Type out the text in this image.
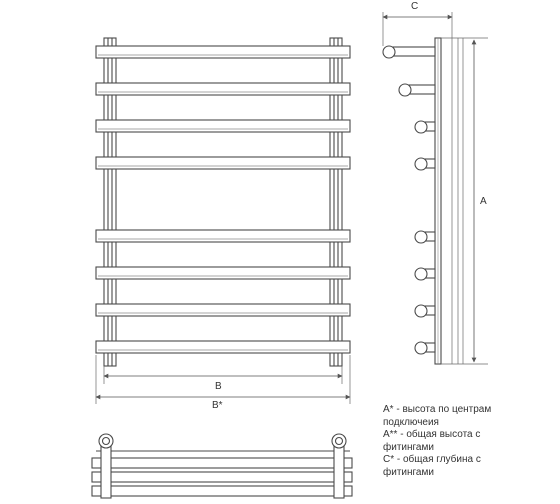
B
B*
C
A
A* - высота по центрам
подключеия
A** - общая высота с
фитингами
C* - общая глубина с
фитингами
